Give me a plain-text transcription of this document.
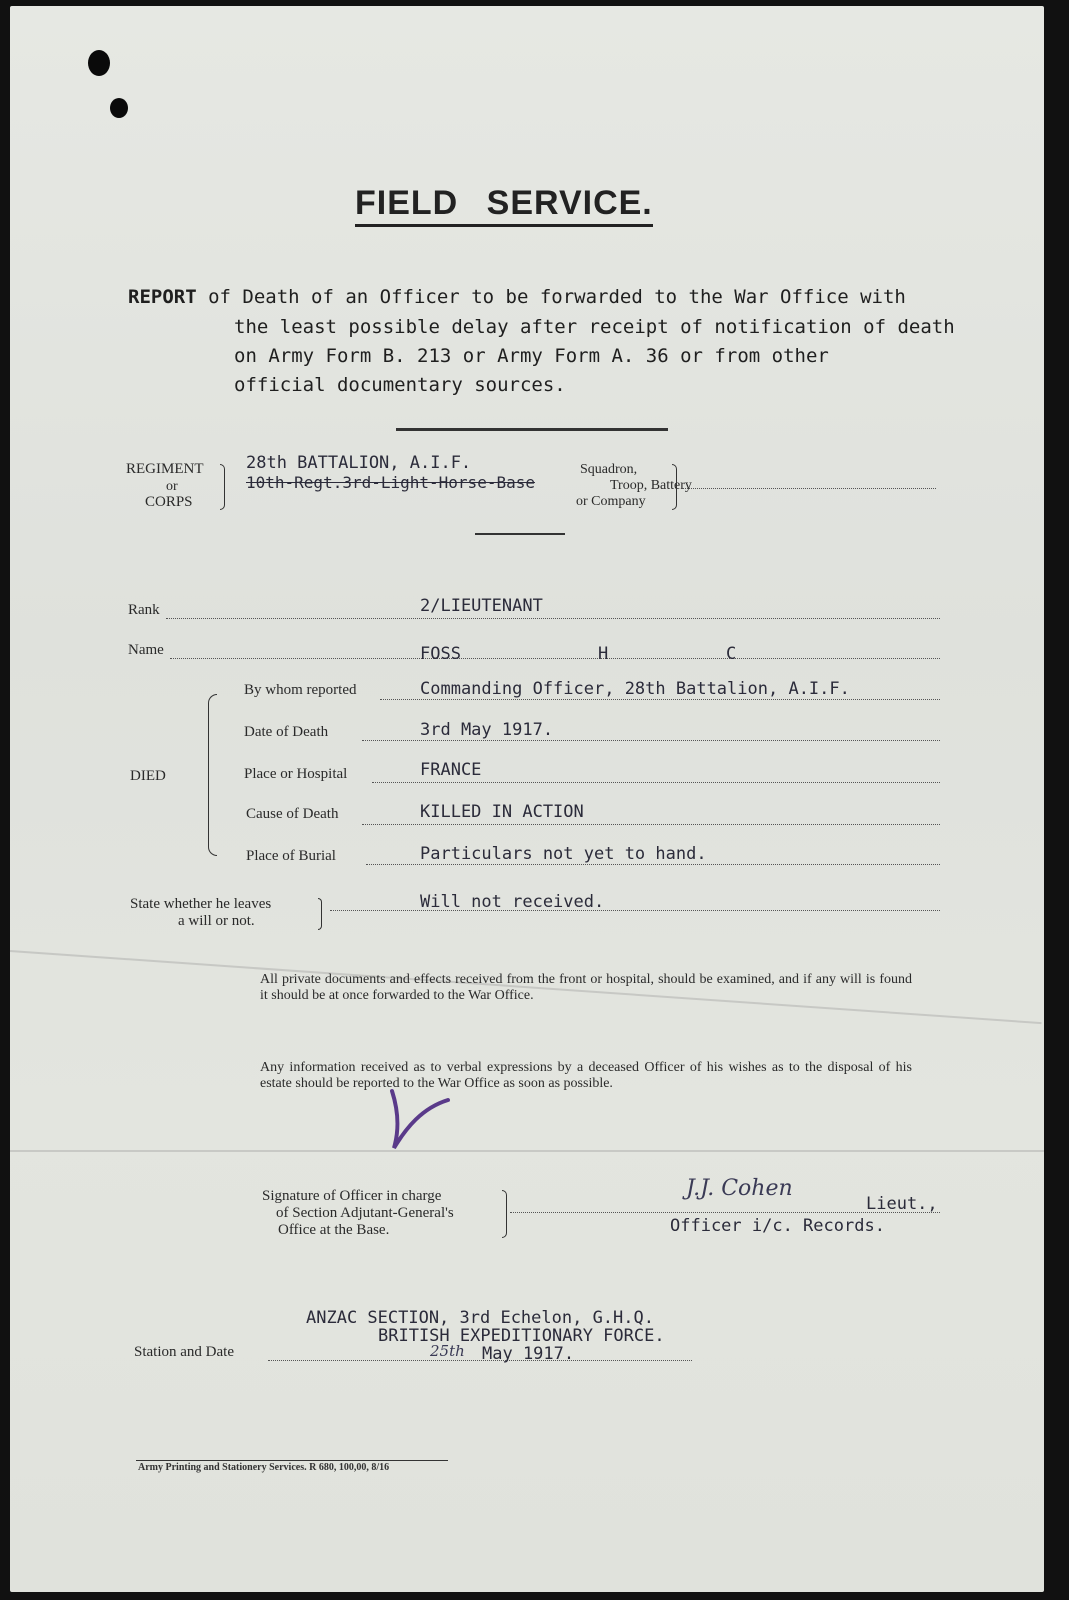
FIELD SERVICE.
REPORT of Death of an Officer to be forwarded to the War Office with
the least possible delay after receipt of notification of death
on Army Form B. 213 or Army Form A. 36 or from other
official documentary sources.
REGIMENT
or
CORPS
28th BATTALION, A.I.F.
10th-Regt.3rd-Light-Horse-Base
Squadron,
Troop, Battery
or Company
Rank	2/LIEUTENANT
Name	FOSS	H	C
DIED
By whom reported	Commanding Officer, 28th Battalion, A.I.F.
Date of Death	3rd May 1917.
Place or Hospital	FRANCE
Cause of Death	KILLED IN ACTION
Place of Burial	Particulars not yet to hand.
State whether he leaves
a will or not.
Will not received.
All private documents and effects received from the front or hospital, should be examined, and if any will is found it should be at once forwarded to the War Office.
Any information received as to verbal expressions by a deceased Officer of his wishes as to the disposal of his estate should be reported to the War Office as soon as possible.
Signature of Officer in charge
of Section Adjutant-General's
Office at the Base.
J.J. Cohen
Lieut.,
Officer i/c. Records.
ANZAC SECTION, 3rd Echelon, G.H.Q.
BRITISH EXPEDITIONARY FORCE.
Station and Date	25th May 1917.
Army Printing and Stationery Services. R 680, 100,00, 8/16
